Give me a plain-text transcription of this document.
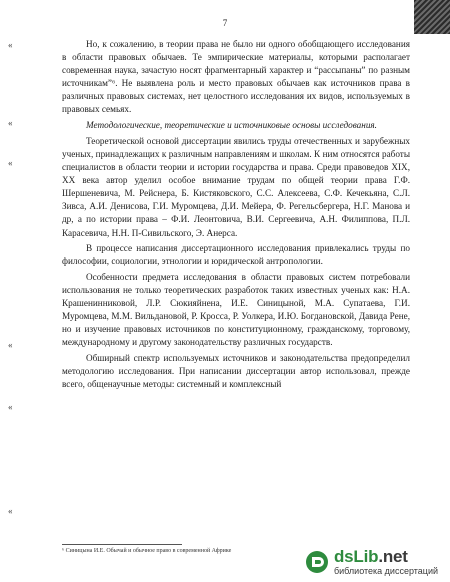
7
«
«
«
«
«
«

Но, к сожалению, в теории права не было ни одного обобщающего исследования в области правовых обычаев. Те эмпирические материалы, которыми располагает современная наука, зачастую носят фрагментарный характер и “рассыпаны” по разным источникам”⁶. Не выявлена роль и место правовых обычаев как источников права в различных правовых системах, нет целостного исследования их видов, используемых в правовых семьях.

Методологические, теоретические и источниковые основы исследования.

Теоретической основой диссертации явились труды отечественных и зарубежных ученых, принадлежащих к различным направлениям и школам. К ним относятся работы специалистов в области теории и истории государства и права. Среди правоведов XIX, XX века автор уделил особое внимание трудам по общей теории права Г.Ф. Шершеневича, М. Рейснера, Б. Кистяковского, С.С. Алексеева, С.Ф. Кечекьяна, С.Л. Зивса, А.И. Денисова, Г.И. Муромцева, Д.И. Мейера, Ф. Регельсбергера, Н.Г. Манова и др, а по истории права – Ф.И. Леонтовича, В.И. Сергеевича, А.Н. Филиппова, П.Л. Карасевича, Н.Н. П-Сивильского, Э. Анерса.

В процессе написания диссертационного исследования привлекались труды по философии, социологии, этнологии и юридической антропологии.

Особенности предмета исследования в области правовых систем потребовали использования не только теоретических разработок таких известных ученых как: Н.А. Крашенинниковой, Л.Р. Сюкияйнена, И.Е. Синицыной, М.А. Супатаева, Г.И. Муромцева, М.М. Вильдановой, Р. Кросса, Р. Уолкера, И.Ю. Богдановской, Давида Рене, но и изучение правовых источников по конституционному, гражданскому, торговому, международному и другому законодательству различных государств.

Обширный спектр используемых источников и законодательства предопределил методологию исследования. При написании диссертации автор использовал, прежде всего, общенаучные методы: системный и комплексный

⁶ Синицына И.Е. Обычай и обычное право в современной Африке	dsLib.net
библиотека диссертаций
